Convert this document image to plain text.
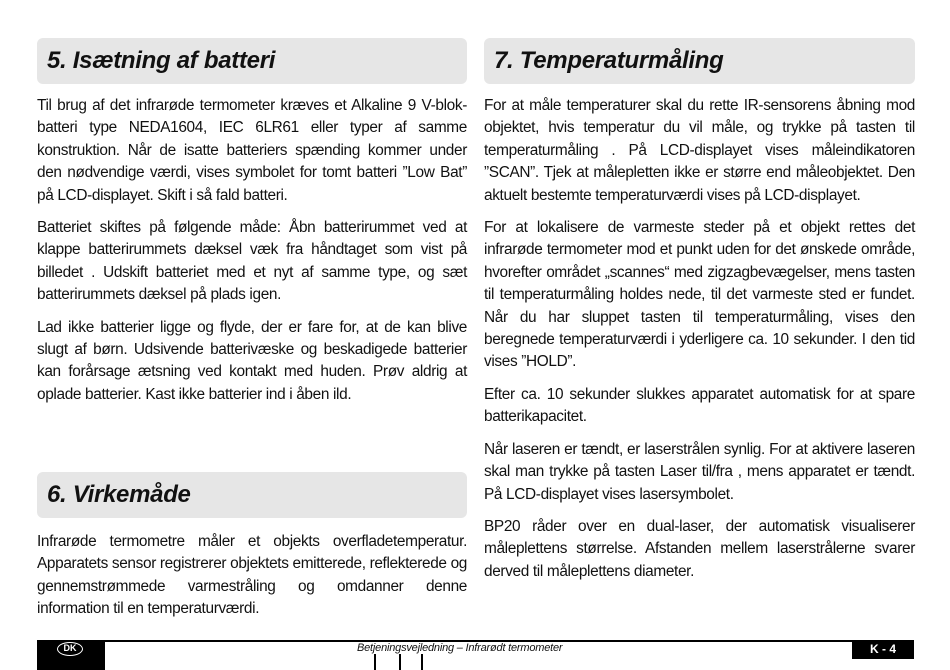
5. Isætning af batteri

Til brug af det infrarøde termometer kræves et Alkaline 9 V-blok-batteri type NEDA1604, IEC 6LR61 eller typer af samme konstruktion. Når de isatte batteriers spænding kommer under den nødvendige værdi, vises symbolet for tomt batteri ”Low Bat” på LCD-displayet. Skift i så fald batteri.

Batteriet skiftes på følgende måde: Åbn batterirummet ved at klappe batterirummets dæksel væk fra håndtaget som vist på billedet . Udskift batteriet med et nyt af samme type, og sæt batterirummets dæksel på plads igen.

Lad ikke batterier ligge og flyde, der er fare for, at de kan blive slugt af børn. Udsivende batterivæske og beskadigede batterier kan forårsage ætsning ved kontakt med huden. Prøv aldrig at oplade batterier. Kast ikke batterier ind i åben ild.

6. Virkemåde

Infrarøde termometre måler et objekts overfladetemperatur. Apparatets sensor registrerer objektets emitterede, reflekterede og gennemstrømmede varmestråling og omdanner denne information til en temperaturværdi.

7. Temperaturmåling

For at måle temperaturer skal du rette IR-sensorens åbning mod objektet, hvis temperatur du vil måle, og trykke på tasten til temperaturmåling . På LCD-displayet vises måleindikatoren ”SCAN”. Tjek at målepletten ikke er større end måleobjektet. Den aktuelt bestemte temperaturværdi vises på LCD-displayet.

For at lokalisere de varmeste steder på et objekt rettes det infrarøde termometer mod et punkt uden for det ønskede område, hvorefter området „scannes“ med zigzagbevægelser, mens tasten til temperaturmåling holdes nede, til det varmeste sted er fundet. Når du har sluppet tasten til temperaturmåling, vises den beregnede temperaturværdi i yderligere ca. 10 sekunder. I den tid vises ”HOLD”.

Efter ca. 10 sekunder slukkes apparatet automatisk for at spare batterikapacitet.

Når laseren er tændt, er laserstrålen synlig. For at aktivere laseren skal man trykke på tasten Laser til/fra , mens apparatet er tændt. På LCD-displayet vises lasersymbolet.

BP20 råder over en dual-laser, der automatisk visualiserer måleplettens størrelse. Afstanden mellem laserstrålerne svarer derved til måleplettens diameter.

DK	Betjeningsvejledning – Infrarødt termometer	K - 4
